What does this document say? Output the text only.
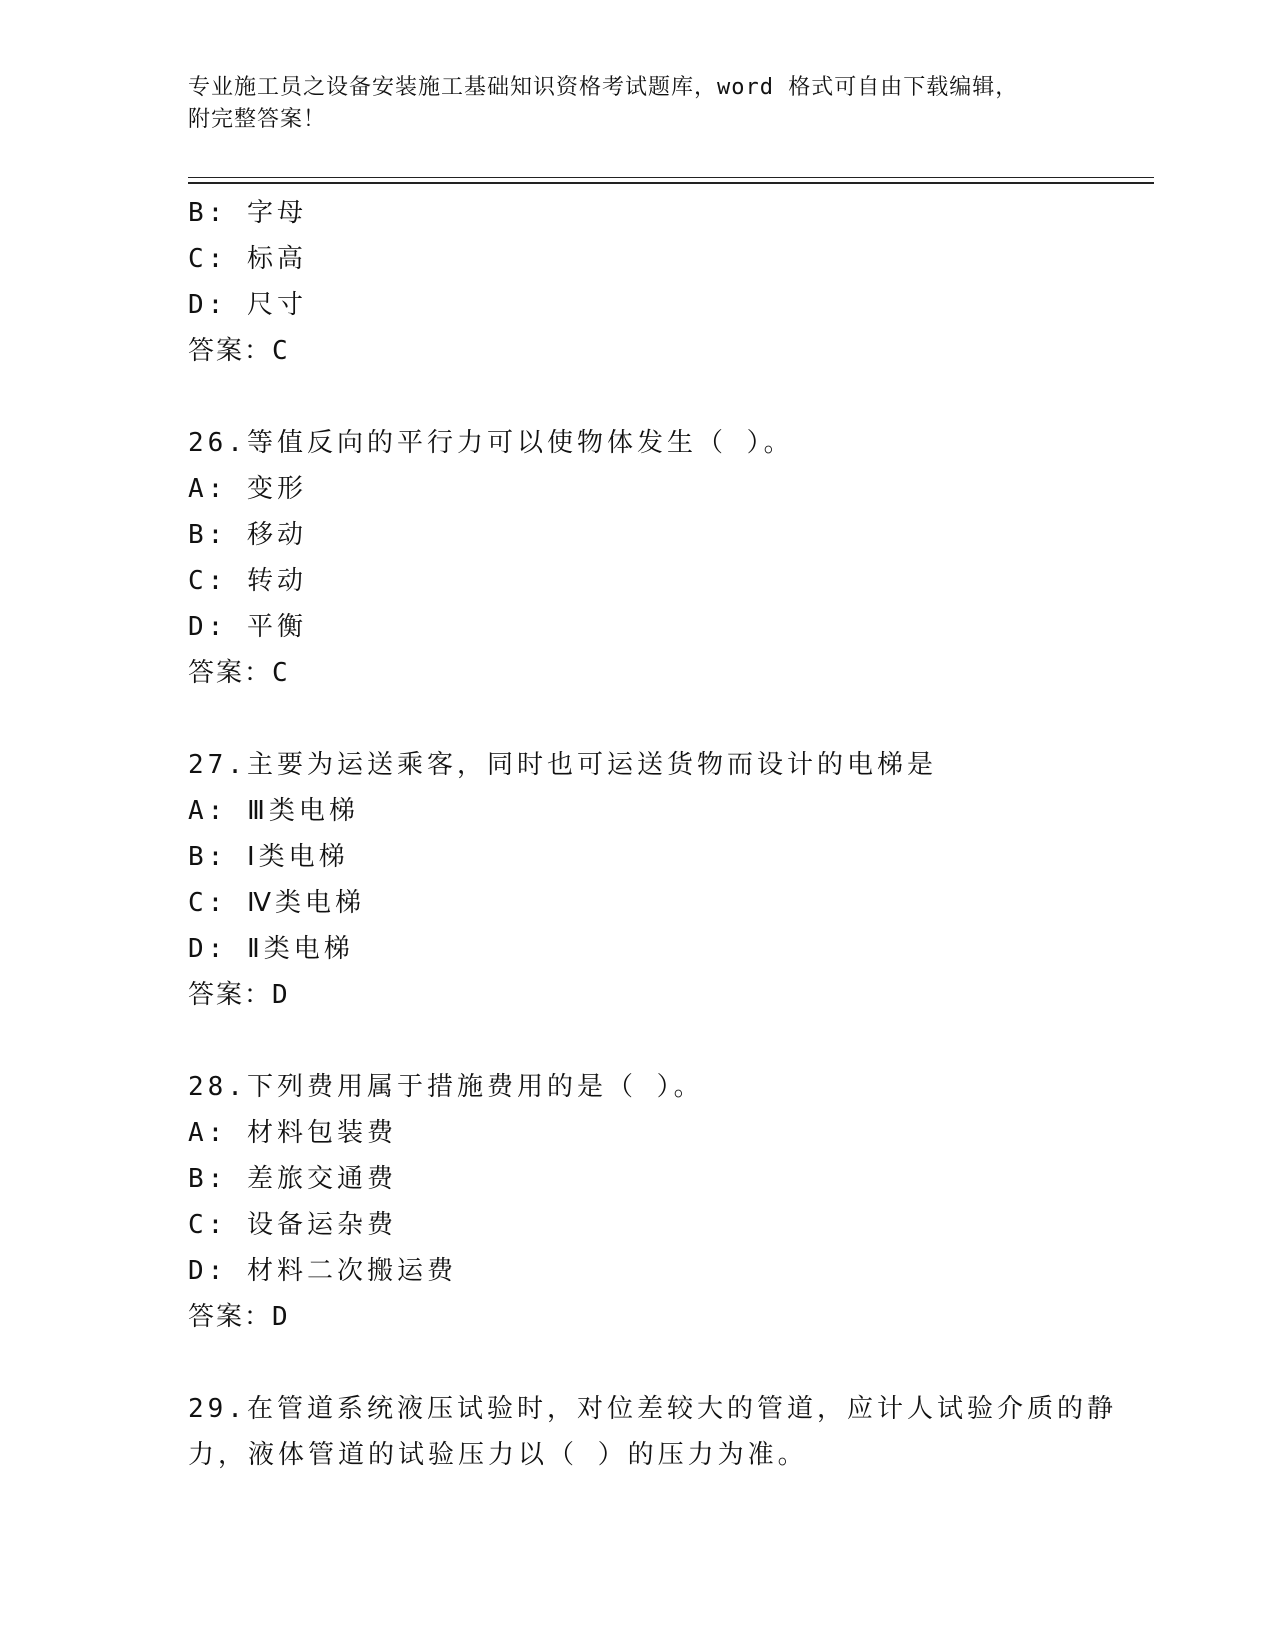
专业施工员之设备安装施工基础知识资格考试题库，word 格式可自由下载编辑，
附完整答案！
B: 字母
C: 标高
D: 尺寸
答案：C
26.等值反向的平行力可以使物体发生（ ）。
A: 变形
B: 移动
C: 转动
D: 平衡
答案：C
27.主要为运送乘客，同时也可运送货物而设计的电梯是
A: Ⅲ类电梯
B: Ⅰ类电梯
C: Ⅳ类电梯
D: Ⅱ类电梯
答案：D
28.下列费用属于措施费用的是（ ）。
A: 材料包装费
B: 差旅交通费
C: 设备运杂费
D: 材料二次搬运费
答案：D
29.在管道系统液压试验时，对位差较大的管道，应计人试验介质的静
力，液体管道的试验压力以（ ）的压力为准。
